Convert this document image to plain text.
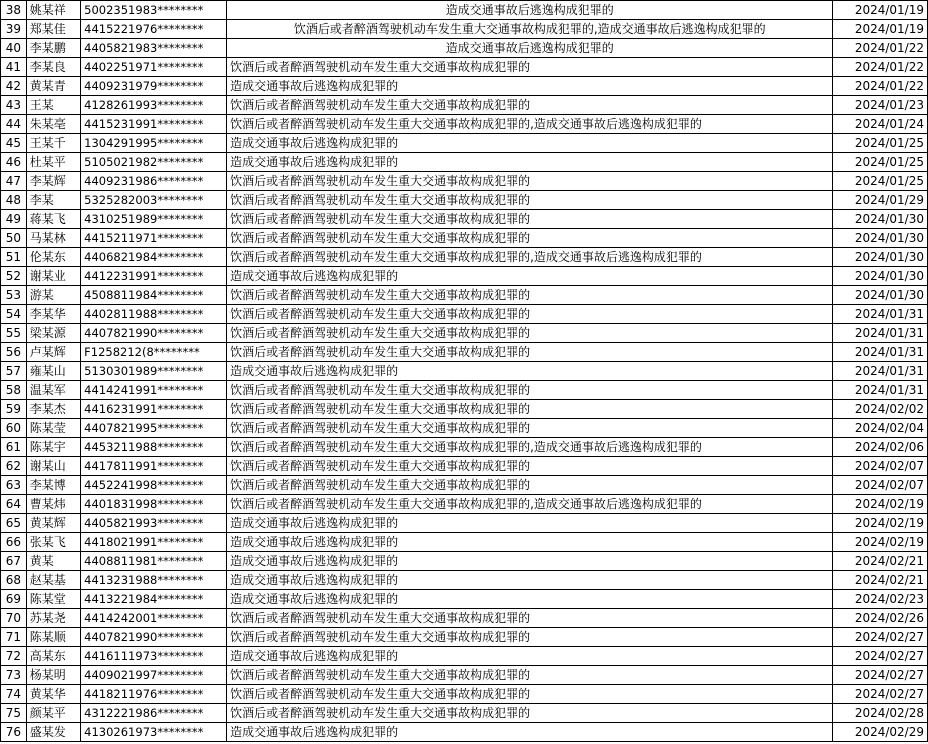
38	姚某祥	5002351983********	造成交通事故后逃逸构成犯罪的	2024/01/19
39	郑某佳	4415221976********	饮酒后或者醉酒驾驶机动车发生重大交通事故构成犯罪的,造成交通事故后逃逸构成犯罪的	2024/01/19
40	李某鹏	4405821983********	造成交通事故后逃逸构成犯罪的	2024/01/22
41	李某良	4402251971********	饮酒后或者醉酒驾驶机动车发生重大交通事故构成犯罪的	2024/01/22
42	黄某青	4409231979********	造成交通事故后逃逸构成犯罪的	2024/01/22
43	王某	4128261993********	饮酒后或者醉酒驾驶机动车发生重大交通事故构成犯罪的	2024/01/23
44	朱某亳	4415231991********	饮酒后或者醉酒驾驶机动车发生重大交通事故构成犯罪的,造成交通事故后逃逸构成犯罪的	2024/01/24
45	王某千	1304291995********	造成交通事故后逃逸构成犯罪的	2024/01/25
46	杜某平	5105021982********	造成交通事故后逃逸构成犯罪的	2024/01/25
47	李某辉	4409231986********	饮酒后或者醉酒驾驶机动车发生重大交通事故构成犯罪的	2024/01/25
48	李某	5325282003********	饮酒后或者醉酒驾驶机动车发生重大交通事故构成犯罪的	2024/01/29
49	蒋某飞	4310251989********	饮酒后或者醉酒驾驶机动车发生重大交通事故构成犯罪的	2024/01/30
50	马某林	4415211971********	饮酒后或者醉酒驾驶机动车发生重大交通事故构成犯罪的	2024/01/30
51	伦某东	4406821984********	饮酒后或者醉酒驾驶机动车发生重大交通事故构成犯罪的,造成交通事故后逃逸构成犯罪的	2024/01/30
52	谢某业	4412231991********	造成交通事故后逃逸构成犯罪的	2024/01/30
53	游某	4508811984********	饮酒后或者醉酒驾驶机动车发生重大交通事故构成犯罪的	2024/01/30
54	李某华	4402811988********	饮酒后或者醉酒驾驶机动车发生重大交通事故构成犯罪的	2024/01/31
55	梁某源	4407821990********	饮酒后或者醉酒驾驶机动车发生重大交通事故构成犯罪的	2024/01/31
56	卢某辉	F1258212(8********	饮酒后或者醉酒驾驶机动车发生重大交通事故构成犯罪的	2024/01/31
57	雍某山	5130301989********	造成交通事故后逃逸构成犯罪的	2024/01/31
58	温某军	4414241991********	饮酒后或者醉酒驾驶机动车发生重大交通事故构成犯罪的	2024/01/31
59	李某杰	4416231991********	饮酒后或者醉酒驾驶机动车发生重大交通事故构成犯罪的	2024/02/02
60	陈某莹	4407821995********	饮酒后或者醉酒驾驶机动车发生重大交通事故构成犯罪的	2024/02/04
61	陈某宇	4453211988********	饮酒后或者醉酒驾驶机动车发生重大交通事故构成犯罪的,造成交通事故后逃逸构成犯罪的	2024/02/06
62	谢某山	4417811991********	饮酒后或者醉酒驾驶机动车发生重大交通事故构成犯罪的	2024/02/07
63	李某博	4452241998********	饮酒后或者醉酒驾驶机动车发生重大交通事故构成犯罪的	2024/02/07
64	曹某炜	4401831998********	饮酒后或者醉酒驾驶机动车发生重大交通事故构成犯罪的,造成交通事故后逃逸构成犯罪的	2024/02/19
65	黄某辉	4405821993********	造成交通事故后逃逸构成犯罪的	2024/02/19
66	张某飞	4418021991********	造成交通事故后逃逸构成犯罪的	2024/02/19
67	黄某	4408811981********	造成交通事故后逃逸构成犯罪的	2024/02/21
68	赵某基	4413231988********	造成交通事故后逃逸构成犯罪的	2024/02/21
69	陈某堂	4413221984********	造成交通事故后逃逸构成犯罪的	2024/02/23
70	苏某尧	4414242001********	饮酒后或者醉酒驾驶机动车发生重大交通事故构成犯罪的	2024/02/26
71	陈某顺	4407821990********	饮酒后或者醉酒驾驶机动车发生重大交通事故构成犯罪的	2024/02/27
72	高某东	4416111973********	造成交通事故后逃逸构成犯罪的	2024/02/27
73	杨某明	4409021997********	饮酒后或者醉酒驾驶机动车发生重大交通事故构成犯罪的	2024/02/27
74	黄某华	4418211976********	饮酒后或者醉酒驾驶机动车发生重大交通事故构成犯罪的	2024/02/27
75	颜某平	4312221986********	饮酒后或者醉酒驾驶机动车发生重大交通事故构成犯罪的	2024/02/28
76	盛某发	4130261973********	造成交通事故后逃逸构成犯罪的	2024/02/29
